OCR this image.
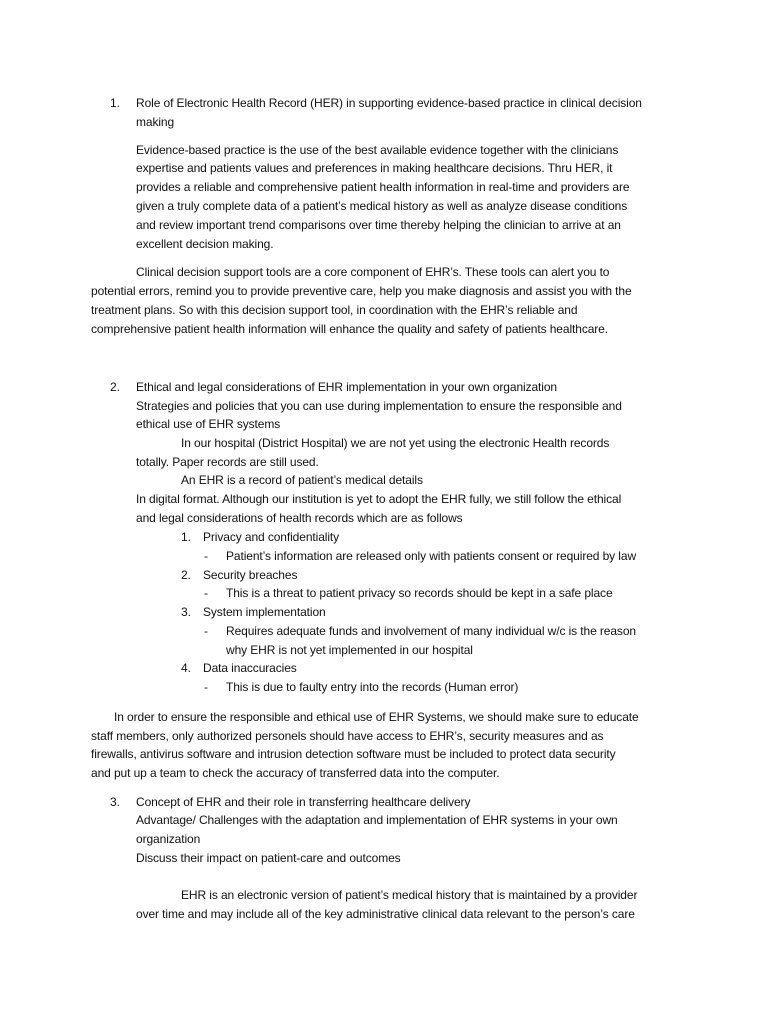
1. Role of Electronic Health Record (HER) in supporting evidence-based practice in clinical decision

making

Evidence-based practice is the use of the best available evidence together with the clinicians

expertise and patients values and preferences in making healthcare decisions. Thru HER, it

provides a reliable and comprehensive patient health information in real-time and providers are

given a truly complete data of a patient’s medical history as well as analyze disease conditions

and review important trend comparisons over time thereby helping the clinician to arrive at an

excellent decision making.

Clinical decision support tools are a core component of EHR’s. These tools can alert you to

potential errors, remind you to provide preventive care, help you make diagnosis and assist you with the

treatment plans. So with this decision support tool, in coordination with the EHR’s reliable and

comprehensive patient health information will enhance the quality and safety of patients healthcare.

2. Ethical and legal considerations of EHR implementation in your own organization

Strategies and policies that you can use during implementation to ensure the responsible and

ethical use of EHR systems

In our hospital (District Hospital) we are not yet using the electronic Health records

totally. Paper records are still used.

An EHR is a record of patient’s medical details

In digital format. Although our institution is yet to adopt the EHR fully, we still follow the ethical

and legal considerations of health records which are as follows

1. Privacy and confidentiality

- Patient’s information are released only with patients consent or required by law

2. Security breaches

- This is a threat to patient privacy so records should be kept in a safe place

3. System implementation

- Requires adequate funds and involvement of many individual w/c is the reason

why EHR is not yet implemented in our hospital

4. Data inaccuracies

- This is due to faulty entry into the records (Human error)

In order to ensure the responsible and ethical use of EHR Systems, we should make sure to educate

staff members, only authorized personels should have access to EHR’s, security measures and as

firewalls, antivirus software and intrusion detection software must be included to protect data security

and put up a team to check the accuracy of transferred data into the computer.

3. Concept of EHR and their role in transferring healthcare delivery

Advantage/ Challenges with the adaptation and implementation of EHR systems in your own

organization

Discuss their impact on patient-care and outcomes

EHR is an electronic version of patient’s medical history that is maintained by a provider

over time and may include all of the key administrative clinical data relevant to the person’s care
